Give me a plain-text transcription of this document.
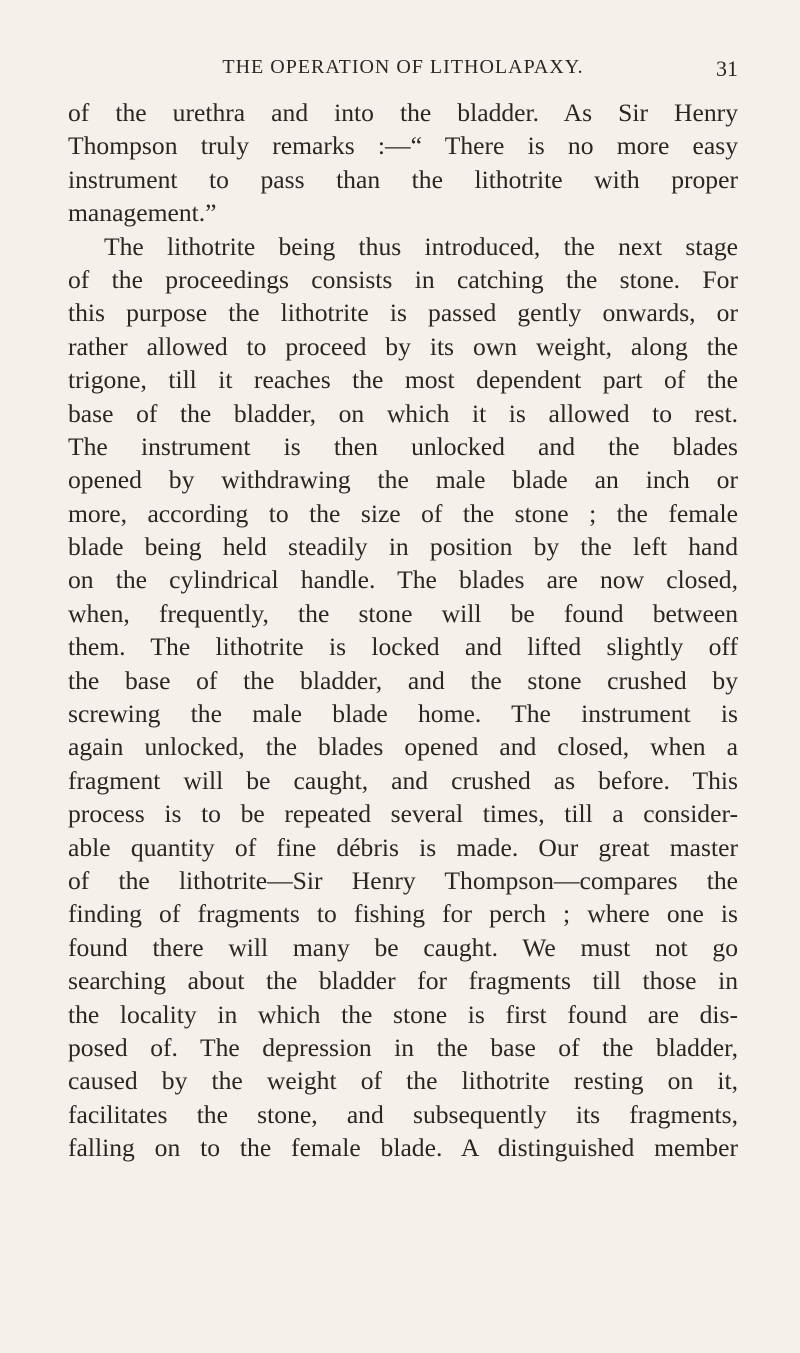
THE OPERATION OF LITHOLAPAXY.	31
of the urethra and into the bladder. As Sir Henry
Thompson truly remarks :—“ There is no more easy
instrument to pass than the lithotrite with proper
management.”
The lithotrite being thus introduced, the next stage
of the proceedings consists in catching the stone. For
this purpose the lithotrite is passed gently onwards, or
rather allowed to proceed by its own weight, along the
trigone, till it reaches the most dependent part of the
base of the bladder, on which it is allowed to rest.
The instrument is then unlocked and the blades
opened by withdrawing the male blade an inch or
more, according to the size of the stone ; the female
blade being held steadily in position by the left hand
on the cylindrical handle. The blades are now closed,
when, frequently, the stone will be found between
them. The lithotrite is locked and lifted slightly off
the base of the bladder, and the stone crushed by
screwing the male blade home. The instrument is
again unlocked, the blades opened and closed, when a
fragment will be caught, and crushed as before. This
process is to be repeated several times, till a consider-
able quantity of fine débris is made. Our great master
of the lithotrite—Sir Henry Thompson—compares the
finding of fragments to fishing for perch ; where one is
found there will many be caught. We must not go
searching about the bladder for fragments till those in
the locality in which the stone is first found are dis-
posed of. The depression in the base of the bladder,
caused by the weight of the lithotrite resting on it,
facilitates the stone, and subsequently its fragments,
falling on to the female blade. A distinguished member
